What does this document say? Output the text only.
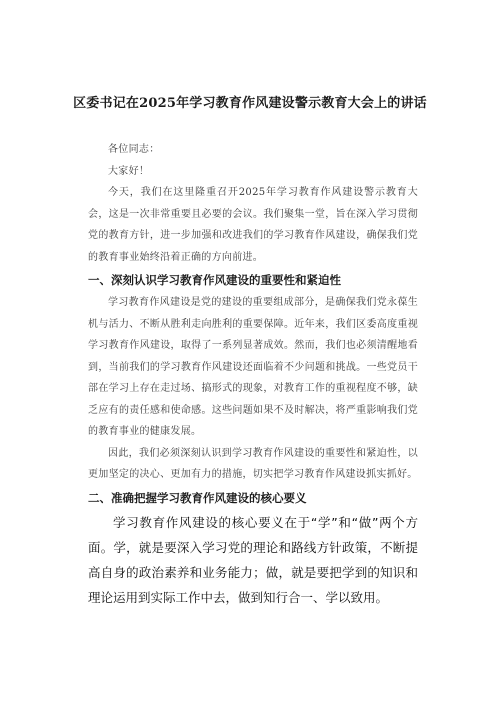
区委书记在2025年学习教育作风建设警示教育大会上的讲话

各位同志：

大家好！

今天，我们在这里隆重召开2025年学习教育作风建设警示教育大会，这是一次非常重要且必要的会议。我们聚集一堂，旨在深入学习贯彻党的教育方针，进一步加强和改进我们的学习教育作风建设，确保我们党的教育事业始终沿着正确的方向前进。

一、深刻认识学习教育作风建设的重要性和紧迫性

学习教育作风建设是党的建设的重要组成部分，是确保我们党永葆生机与活力、不断从胜利走向胜利的重要保障。近年来，我们区委高度重视学习教育作风建设，取得了一系列显著成效。然而，我们也必须清醒地看到，当前我们的学习教育作风建设还面临着不少问题和挑战。一些党员干部在学习上存在走过场、搞形式的现象，对教育工作的重视程度不够，缺乏应有的责任感和使命感。这些问题如果不及时解决，将严重影响我们党的教育事业的健康发展。

因此，我们必须深刻认识到学习教育作风建设的重要性和紧迫性，以更加坚定的决心、更加有力的措施，切实把学习教育作风建设抓实抓好。

二、准确把握学习教育作风建设的核心要义

学习教育作风建设的核心要义在于“学”和“做”两个方面。学，就是要深入学习党的理论和路线方针政策，不断提高自身的政治素养和业务能力；做，就是要把学到的知识和理论运用到实际工作中去，做到知行合一、学以致用。
